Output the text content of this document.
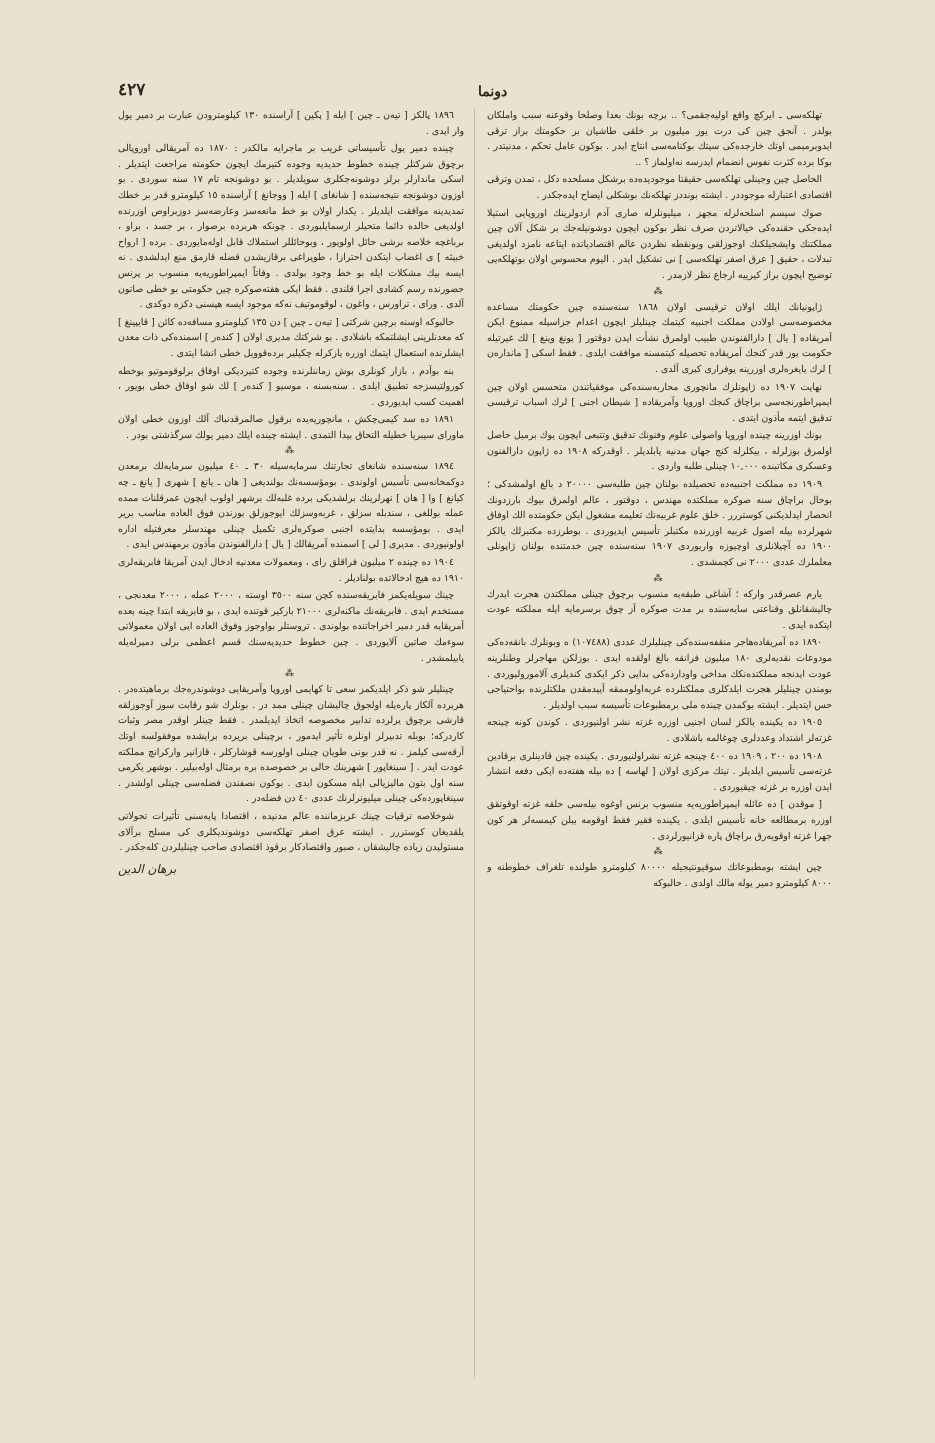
٤٢٧	دونما

تهلكەسى ـ ايركچ واقع اوليەجقمى؟ .. برچە بونك بعدا وصلحا وقوعنە سبب واملكان بولدر . آنجق چين كى درت يوز ميليون بر خلقى طاشيان بر حكومتك براز ترقى ايدوبرميمى اوتك خارجدەكى سيتك بوكنامەسى انتاج ايدر . بوكون عامل تحكم ، مدنيتدر . بوكا بردە كثرت نفوس انضمام ايدرسە نەاولماز ؟ ..

الحاصل چين وجينلى تهلكەسى حقيقتا موجوديدەدە برشكل مسلحدە دكل ، تمدن وترقى اقتصادى اعتبارلە موجوددر . ايشتە بونددز تهلكەنك بوشكلى ايضاح ايدەجكدر .

صوك سيسم اسلحەلرلە مجهز ، ميليونلرلە صارى آدم اردولرينك اوروپايى استيلا ايدەجكى حقندەكى خيالاتردن صرف نظر بوكون ايچون دوشونيلەجك بر شكل آلان چين مملكتنك وايشجيلكنك اوجوزلقى وبونقطە نظردن عالم اقتصادياتدە ايتاعە نامزد اولديغى تبدلات ، حقيق [ عرق اصفر تهلكەسى ] نى تشكيل ايدر . اليوم محسوس اولان بوتهلكەيى توضيح ايچون براز كيرييە ارجاع نظر لازمدر .

⁂

ژاپونيانك ايلك اولان ترقيسى اولان ١٨٦٨ سنەسندە چين حكومتك مساعدە مخصوصەسى اولادن مملكت اجنبيە كيتمك چينليلر ايچون اعدام جزاسيلە ممنوع ايكن آمريقادە [ يال ] دارالفنوندن طبيب اولمرق نشأت ايدن دوقتور [ يونغ وينغ ] لك غيرتيلە حكومت يوز قدر كنجك آمريقادە تحصيلە كيتمسنە موافقت ايلدى . فقط اسكى [ ماندارەن ] لرك يايغرەلرى اوزرينە يوفرارى كيرى آلدى .

نهايت ١٩٠٧ دە ژاپونلرك مانچورى محاربەسندەكى موفقياتندن متحسس اولان چين ايمپراطورنجەسى براچاق كنجك اوروپا وآمريقادە [ شيطان اجنى ] لرك اسباب ترقيسى تدقيق ايتمە مأذون ايتدى .

بونك اوزرينە چيندە اوروپا واصولى علوم وفنونك تدقيق وتتبعى ايچون يوك برميل حاصل اولمرق بوزلرلە ، بيكلرلە كنج جهان مدنيە يابلديلر . اوقدركە ١٩٠٨ دە ژاپون دارالفنون وعسكرى مكاتبندە ١٠,٠٠٠ چينلى طلبە واردى .

١٩٠٩ دە مملكت اجنبيەدە تحصيلدە بولنان چين طلبەسى ٢٠٠٠٠ د بالغ اولمشدكى ؛ بوحال براچاق سنە صوكرە مملكتدە مهندس ، دوقتور ، عالم اولمرق بيوك بارزدونك انحصار ايدلديكنى كوستررر . خلق علوم غربيەنك تعليمە مشغول ايكن حكومتدە الك اوفاق شهرلردە بيلە اصول غربيە اوزرندە مكتبلر تأسيس ايديوردى . بوطرزدە مكتبرلك يالكز ١٩٠٠ دە آچيلانلرى اوچيوزە واريوردى ١٩٠٧ سنەسندە چين خدمتندە بولنان ژاپونلى معلملرك عددى ٢٠٠٠ نى كچمشدى .

⁂

يارم عصرقدر واركە ؛ آشاغى طبقەيە منسوب برچوق چينلى مملكتدن هجرت ايدرك چاليشقانلق وقناعتى سايەسندە بر مدت صوكرە آز چوق برسرمايە ايلە مملكتە عودت ايتكدە ايدى .

١٨٩٠ دە آمريقادەهاجر منقفەسندەكى چينليلرك عددى (١٠٧٤٨٨) ه وبونلرك بانقەدەكى مودوعات نقديەلرى ١٨٠ ميليون فرانقە بالغ اولقدە ايدى . بوزلكن مهاجرلر وطنلرينە عودت ايدنجە مملكتدەنكك مداخى واوداردەكى بدايى ذكر ايكدى كنديلرى آلاموروليوردى . بومندن چينليلر هجرت ايلدكلرى مملكتلردە غربەاولوممقە آييدمقدن ملكتلرندە بواحتياجى حس ايتديلر . ايشتە بوكمدن چيندە ملى برمطبوعات تأسيسە سبب اولديلر .

١٩٠٥ دە يكيندە يالكز لسان اجنيى اوزرە غزتە نشر اولنيوردى . كوندن كونە چينجە غزتەلر اشتداد وعددلرى چوغالمە باشلادى .

١٩٠٨ دە ٢٠٠ ، ١٩٠٩ دە ٤٠٠ چينجە غزتە نشراولنيوردى . يكيندە چين قادينلرى برقادين غزتەسى تأسيس ايلديلر . تيتك مركزى اولان [ لهاسە ] دە بيلە هفتەدە ايكى دفعە انتشار ايدن اوزرە بر غزتە چيقيوردى .

[ موقدن ] دە عائلە ايمپراطوريەيە منسوب برنس اوغوە بيلەسى حلقە غزتە اوقوتقق اوزرە برمطالعە خانە تأسيس ايلدى . يكيندە فقير فقط اوقومە بيلن كيمسەلر هر كون جهرا غزتە اوقويەرق براچاق پارە قزانيورلردى .

⁂

چين ايشتە بومطبوعاتك سوقيونتيجيلە ٨٠٠٠٠ كيلومترو طولندە تلغراف خطوطنە و ٨٠٠٠ كيلومترو دمير يولە مالك اولدى . حالبوكە

١٨٩٦ پالكز [ تيەن ـ چين ] ايلە [ پكين ] آراسندە ١٣٠ كيلومترودن عبارت بر دمير يول وار ايدى .

چيندە دمير يول تأسيساتى غريب بر ماجرايە مالكدر : ١٨٧٠ دە آمريقالى اوروپالى برچوق شركتلر چيندە خطوط حديديە وجودە كتيرمك ايچون حكومتە مراجعت ايتديلر . اسكى ماندارلر برلز دوشونەجكلرى سويلديلر . بو دوشونجە تام ١٧ سنە سوردى . بو اوزون دوشونجە نتيجەسندە [ شانغاى ] ايلە [ ووجانغ ] آراسندە ١٥ كيلومترو قدر بر خطك تمديدينە موافقت ايلديلر . يكدار اولان بو خط مانعەسز وعارضەسز دوزبراوص اوزرندە اولديغى حالدە دائما متحيلر ارسمايلبوردى . چونكە هربردە برصوار ، بر جسد ، براو ، برباغچە خلاصە برشى حائل اولويور ، وبوحائللر استملاك قابل اولەمايوردى . بردە [ ارواح خبيثە ] ى اغضاب ايتكدن احترازا ، طوپراغى برقازيشدن قضلە قازمق منع ايدلشدى . نه ايسه بيك مشكلات ايلە بو خط وجود بولدى . وفاتاً ايمپراطوريەيە منسوب بر پرنس حضورندە رسم كشادى اجرا قلندى . فقط ايكى هفتەصوكرە چين حكومتى بو خطى صاتون آلدى . ورای ، تراورس ، واغون ، لوقوموتيف نەكە موجود ايسە هپسنى دكزە دوكدى .

حالبوكە اوسنە برچين شركتى [ تيەن ـ چين ] دن ١٣٥ كيلومترو مسافەدە كائن [ قايپينغ ] كە معدنلرينى ايشلتمكە باشلادى . بو شركتك مديرى اولان [ كندەر ] اسمندەكى ذات معدن ايشلرندە استعمال ايتمك اوزرە يازكرلە چكيلير بردەقوويل خطى انشا ايتدى .

بنە بوآدم ، بازار كونلرى بوش زماننلرندە وجودە كتيرديكى اوفاق برلوقوموتيو بوخطە كورولتيسزجە تطبيق ايلدى . سنەبسنە ، موسيو [ كندەر ] لك شو اوفاق خطى بويور ، اهميت كسب ايديوردى .

١٨٩١ دە سد كيمى‌چكش ، مانچوريەيدە برقول صالمرقدنباك آلك اوزون خطى اولان ماوراى سيبريا خطيلە التحاق بيدا التمدى . ايشتە چيندە ايلك دمير يولك سرگذشتى بودر .

⁂

١٨٩٤ سنەسندە شانغاى تجارتنك سرمايەسيلە ٣٠ ـ ٤٠ ميليون سرمايەلك برمعدن دوكمخانەسى تأسيس اولوندى . بومؤسسەنك بولنديغى [ هان ـ يانغ ] شهرى [ يانغ ـ چە كيانغ ] وا [ هان ] نهرلرينك برلشديكى بردە غلبەلك برشهر اولوب ايچون عمرقلنات ممدە عملە بوللغى ، سندبلە سزلق ، غربەوسزلك ايوجوزلق بوزندن فوق العادە مناسب برير ايدى . بومؤسسە بدايتدە اجنبى صوكرەلرى تكميل چينلى مهندسلر معرفتيلە ادارە اولونيوردى . مديرى [ لى ] اسمندە آمريقالك [ يال ] دارالفنوندن مأذون برمهندس ايدى .

١٩٠٤ دە چيندە ٢ ميليون فراقلق راى ، ومعمولات معدنيە ادخال ايدن آمريقا فابريقەلرى ١٩١٠ دە هيچ ادخالاتدە بولناديلر .

چينك سويلەيكمز فابريقەسندە كچن سنە ٣٥٠٠ اوستە ، ٢٠٠٠ عملە ، ٢٠٠٠ معدنجى ، مستخدم ايدى . فابريقەنك ماكنەلرى ٢١٠٠٠ باركير قوتندە ايدى ، بو فابريقە ابتدا چينە بعدە آمريقايە قدر دمير اخراجاتندە بولوندى . تروستلر بواوجوز وفوق العادە ايى اولان معمولاتى سوءمك صاتين آلايوردى . چين خطوط حديديەسنك قسم اعظمى برلى دميرلەيلە يابيلمشدر .

⁂

چينليلر شو ذكر ايلديكمز سعى تا كهايمى اوروپا وآمريقايى دوشوندرەجك برماهيتدەدر . هربردە آلكاز پارەيلە اولجوق چاليشان چينلى ممد در . بونلرك شو رقابت سوز آوجوزلقە قارشى برچوق يرلردە تدابير مخصوصە اتخاذ ايديلمدر . فقط چينلر اوقدر مصر وثبات كاردركە؛ بوبلە تدبيرلر اونلرە تأثير ايدمور ، برچينلى بريردە برايشدە موفقولسە اوتك آرقەسى كيلمز . نە قدر بونى طويان چينلى اولورسە قوشاركلر ، قازانير واركرانچ مملكتە عودت ايدر . [ سينغاپور ] شهرينك حالى بر خصوصدە برە برمثال اولەبيلير . بوشهر يكرمى سنە اول بتون ماليزيالى ايلە مسكون ايدى . بوكون نصفندن فضلەسى چينلى اولشدر . سينغاپوردەكى چينلى ميليونرلرنك عددى ٤٠ دن فضلەدر .

شوخلاصە ترقيات چينك غربزمانندە عالم مدنيدە ، اقتصادا پايەسنى تأثيرات تحولاتى يلقديغان كوستررر . ايشتە عرق اصفر تهلكەسى دوشونديكلرى كى مسلح برآلاى مستوليدن زيادە چاليشقان ، صبور واقتصادكار برقوذ اقتصادى صاحب چينليلردن كلەجكدر .

برهان الدين
